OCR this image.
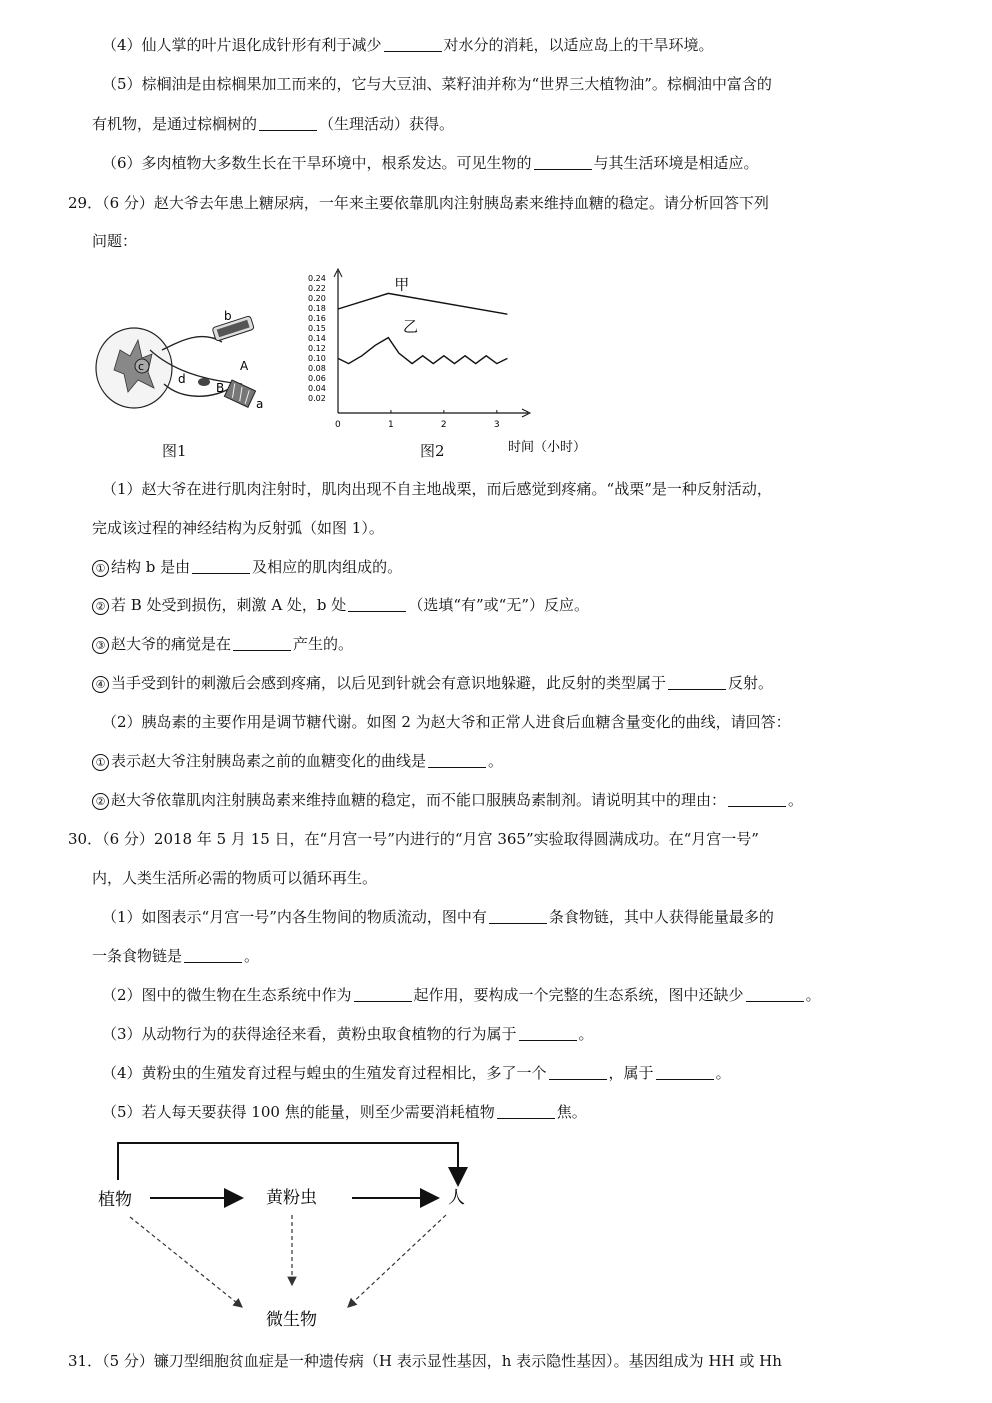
（4）仙人掌的叶片退化成针形有利于减少	对水分的消耗，以适应岛上的干旱环境。
（5）棕榈油是由棕榈果加工而来的，它与大豆油、菜籽油并称为“世界三大植物油”。棕榈油中富含的
有机物，是通过棕榈树的	（生理活动）获得。
（6）多肉植物大多数生长在干旱环境中，根系发达。可见生物的	与其生活环境是相适应。
29．（6 分）赵大爷去年患上糖尿病，一年来主要依靠肌肉注射胰岛素来维持血糖的稳定。请分析回答下列
问题：
b
c
d
B
A
a
图1
0.24
0.22
0.20
0.18
0.16
0.15
0.14
0.12
0.10
0.08
0.06
0.04
0.02
0	1	2	3
时间（小时）
甲
乙
图2
（1）赵大爷在进行肌肉注射时，肌肉出现不自主地战栗，而后感觉到疼痛。“战栗”是一种反射活动，
完成该过程的神经结构为反射弧（如图 1）。
① 结构 b 是由	及相应的肌肉组成的。
② 若 B 处受到损伤，刺激 A 处，b 处	（选填“有”或“无”）反应。
③ 赵大爷的痛觉是在	产生的。
④ 当手受到针的刺激后会感到疼痛，以后见到针就会有意识地躲避，此反射的类型属于	反射。
（2）胰岛素的主要作用是调节糖代谢。如图 2 为赵大爷和正常人进食后血糖含量变化的曲线，请回答：
① 表示赵大爷注射胰岛素之前的血糖变化的曲线是	。
② 赵大爷依靠肌肉注射胰岛素来维持血糖的稳定，而不能口服胰岛素制剂。请说明其中的理由：	。
30．（6 分）2018 年 5 月 15 日，在“月宫一号”内进行的“月宫 365”实验取得圆满成功。在“月宫一号”
内，人类生活所必需的物质可以循环再生。
（1）如图表示“月宫一号”内各生物间的物质流动，图中有	条食物链，其中人获得能量最多的
一条食物链是	。
（2）图中的微生物在生态系统中作为	起作用，要构成一个完整的生态系统，图中还缺少	。
（3）从动物行为的获得途径来看，黄粉虫取食植物的行为属于	。
（4）黄粉虫的生殖发育过程与蝗虫的生殖发育过程相比，多了一个	，属于	。
（5）若人每天要获得 100 焦的能量，则至少需要消耗植物	焦。
植物	黄粉虫	人
微生物
31．（5 分）镰刀型细胞贫血症是一种遗传病（H 表示显性基因，h 表示隐性基因）。基因组成为 HH 或 Hh
